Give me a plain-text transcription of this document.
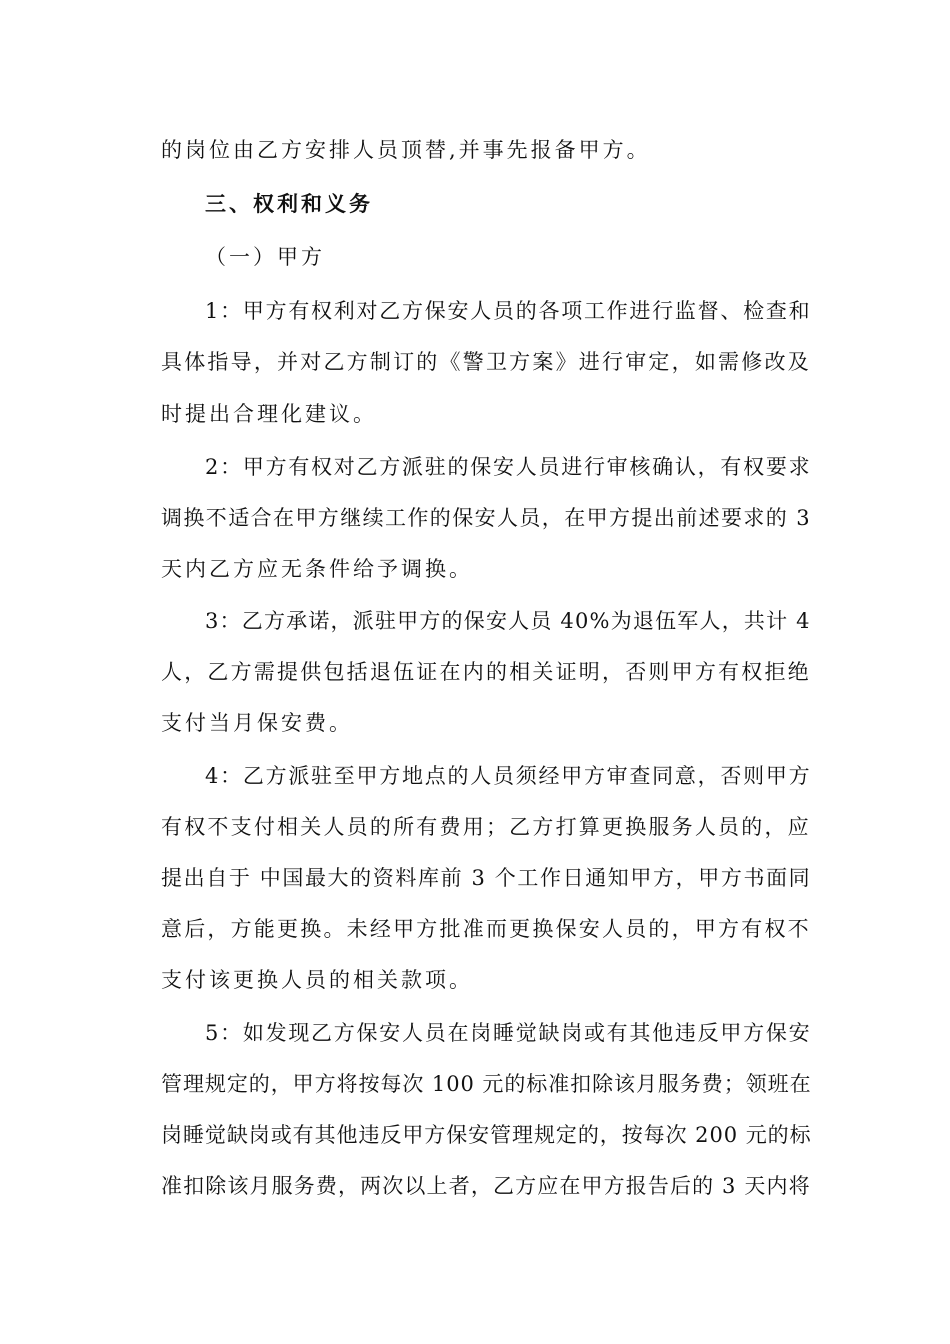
的岗位由乙方安排人员顶替,并事先报备甲方。
三、权利和义务
（一）甲方
1：甲方有权利对乙方保安人员的各项工作进行监督、检查和
具体指导，并对乙方制订的《警卫方案》进行审定，如需修改及
时提出合理化建议。
2：甲方有权对乙方派驻的保安人员进行审核确认，有权要求
调换不适合在甲方继续工作的保安人员，在甲方提出前述要求的 3
天内乙方应无条件给予调换。
3：乙方承诺，派驻甲方的保安人员 40%为退伍军人，共计 4
人，乙方需提供包括退伍证在内的相关证明，否则甲方有权拒绝
支付当月保安费。
4：乙方派驻至甲方地点的人员须经甲方审查同意，否则甲方
有权不支付相关人员的所有费用；乙方打算更换服务人员的，应
提出自于 中国最大的资料库前 3 个工作日通知甲方，甲方书面同
意后，方能更换。未经甲方批准而更换保安人员的，甲方有权不
支付该更换人员的相关款项。
5：如发现乙方保安人员在岗睡觉缺岗或有其他违反甲方保安
管理规定的，甲方将按每次 100 元的标准扣除该月服务费；领班在
岗睡觉缺岗或有其他违反甲方保安管理规定的，按每次 200 元的标
准扣除该月服务费，两次以上者，乙方应在甲方报告后的 3 天内将
